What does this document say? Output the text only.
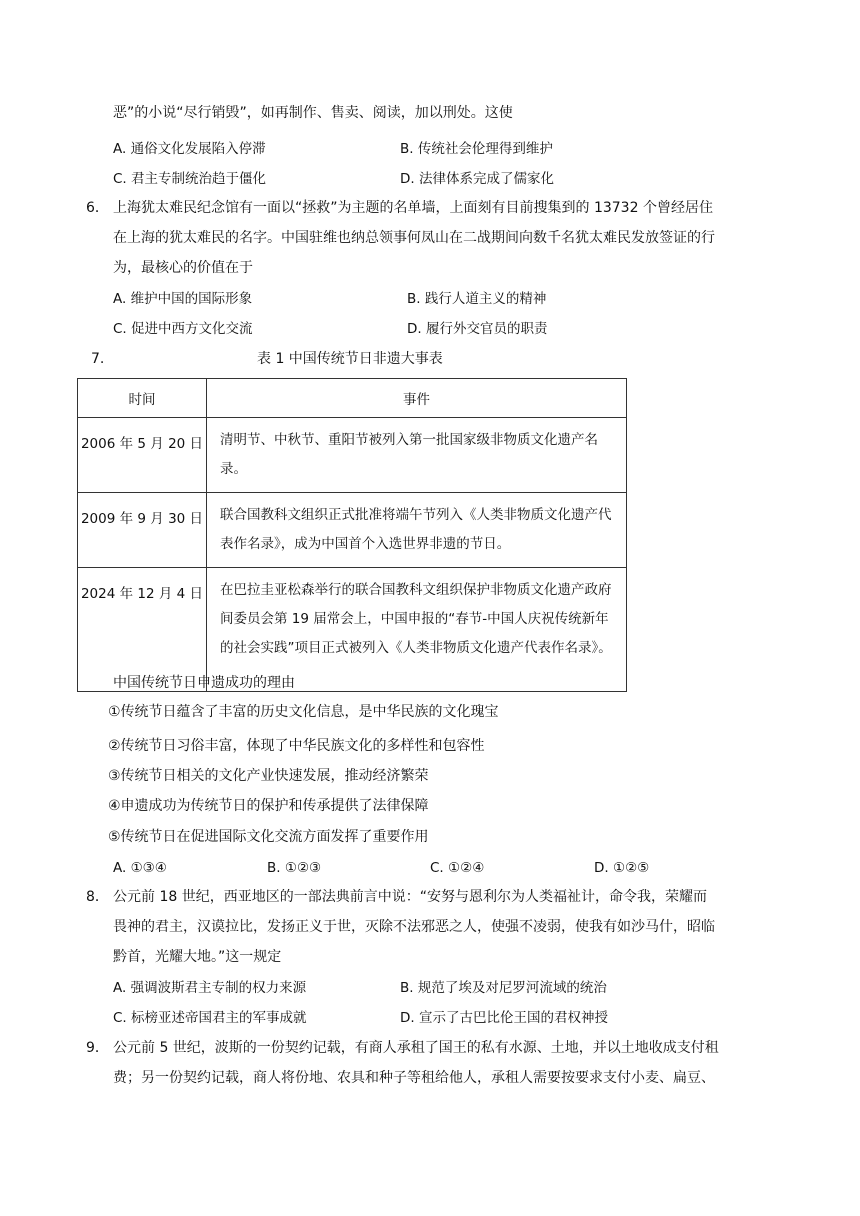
恶”的小说“尽行销毁”，如再制作、售卖、阅读，加以刑处。这使
A. 通俗文化发展陷入停滞	B. 传统社会伦理得到维护
C. 君主专制统治趋于僵化	D. 法律体系完成了儒家化
6． 上海犹太难民纪念馆有一面以“拯救”为主题的名单墙，上面刻有目前搜集到的 13732 个曾经居住
在上海的犹太难民的名字。中国驻维也纳总领事何凤山在二战期间向数千名犹太难民发放签证的行
为，最核心的价值在于
A. 维护中国的国际形象	B. 践行人道主义的精神
C. 促进中西方文化交流	D. 履行外交官员的职责
7.	表 1 中国传统节日非遗大事表
时间	事件
2006 年 5 月 20 日	清明节、中秋节、重阳节被列入第一批国家级非物质文化遗产名录。
2009 年 9 月 30 日	联合国教科文组织正式批准将端午节列入《人类非物质文化遗产代表作名录》，成为中国首个入选世界非遗的节日。
2024 年 12 月 4 日	在巴拉圭亚松森举行的联合国教科文组织保护非物质文化遗产政府间委员会第 19 届常会上，中国申报的“春节-中国人庆祝传统新年的社会实践”项目正式被列入《人类非物质文化遗产代表作名录》。
中国传统节日申遗成功的理由
①传统节日蕴含了丰富的历史文化信息，是中华民族的文化瑰宝
②传统节日习俗丰富，体现了中华民族文化的多样性和包容性
③传统节日相关的文化产业快速发展，推动经济繁荣
④申遗成功为传统节日的保护和传承提供了法律保障
⑤传统节日在促进国际文化交流方面发挥了重要作用
A. ①③④	B. ①②③	C. ①②④	D. ①②⑤
8． 公元前 18 世纪，西亚地区的一部法典前言中说：“安努与恩利尔为人类福祉计，命令我，荣耀而
畏神的君主，汉谟拉比，发扬正义于世，灭除不法邪恶之人，使强不凌弱，使我有如沙马什，昭临
黔首，光耀大地。”这一规定
A. 强调波斯君主专制的权力来源	B. 规范了埃及对尼罗河流域的统治
C. 标榜亚述帝国君主的军事成就	D. 宣示了古巴比伦王国的君权神授
9． 公元前 5 世纪，波斯的一份契约记载，有商人承租了国王的私有水源、土地，并以土地收成支付租
费；另一份契约记载，商人将份地、农具和种子等租给他人，承租人需要按要求支付小麦、扁豆、
